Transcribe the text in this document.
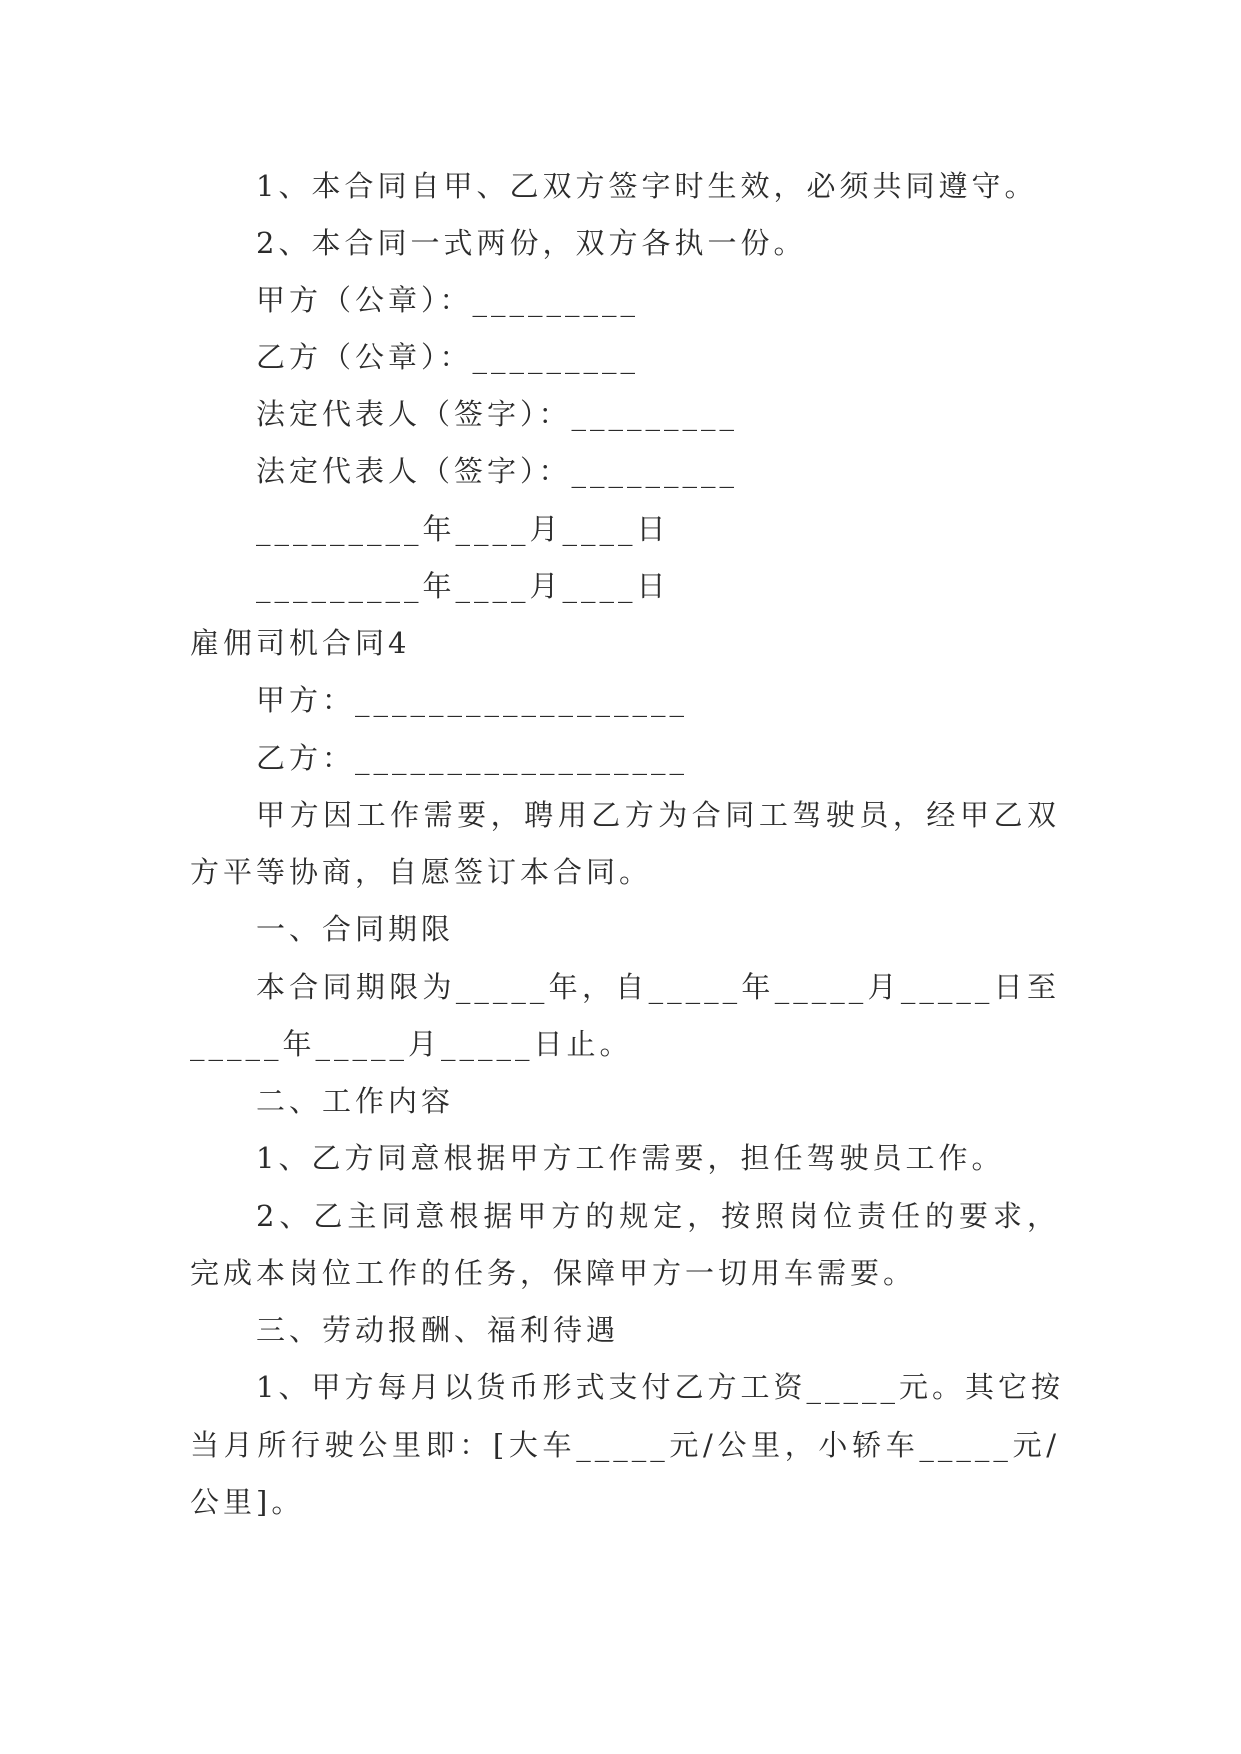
1、本合同自甲、乙双方签字时生效，必须共同遵守。
2、本合同一式两份，双方各执一份。
甲方（公章）：_________
乙方（公章）：_________
法定代表人（签字）：_________
法定代表人（签字）：_________
_________年____月____日
_________年____月____日
雇佣司机合同4
甲方：__________________
乙方：__________________
甲方因工作需要，聘用乙方为合同工驾驶员，经甲乙双
方平等协商，自愿签订本合同。
一、合同期限
本合同期限为_____年，自_____年_____月_____日至
_____年_____月_____日止。
二、工作内容
1、乙方同意根据甲方工作需要，担任驾驶员工作。
2、乙主同意根据甲方的规定，按照岗位责任的要求，
完成本岗位工作的任务，保障甲方一切用车需要。
三、劳动报酬、福利待遇
1、甲方每月以货币形式支付乙方工资_____元。其它按
当月所行驶公里即：[大车_____元/公里，小轿车_____元/
公里]。
